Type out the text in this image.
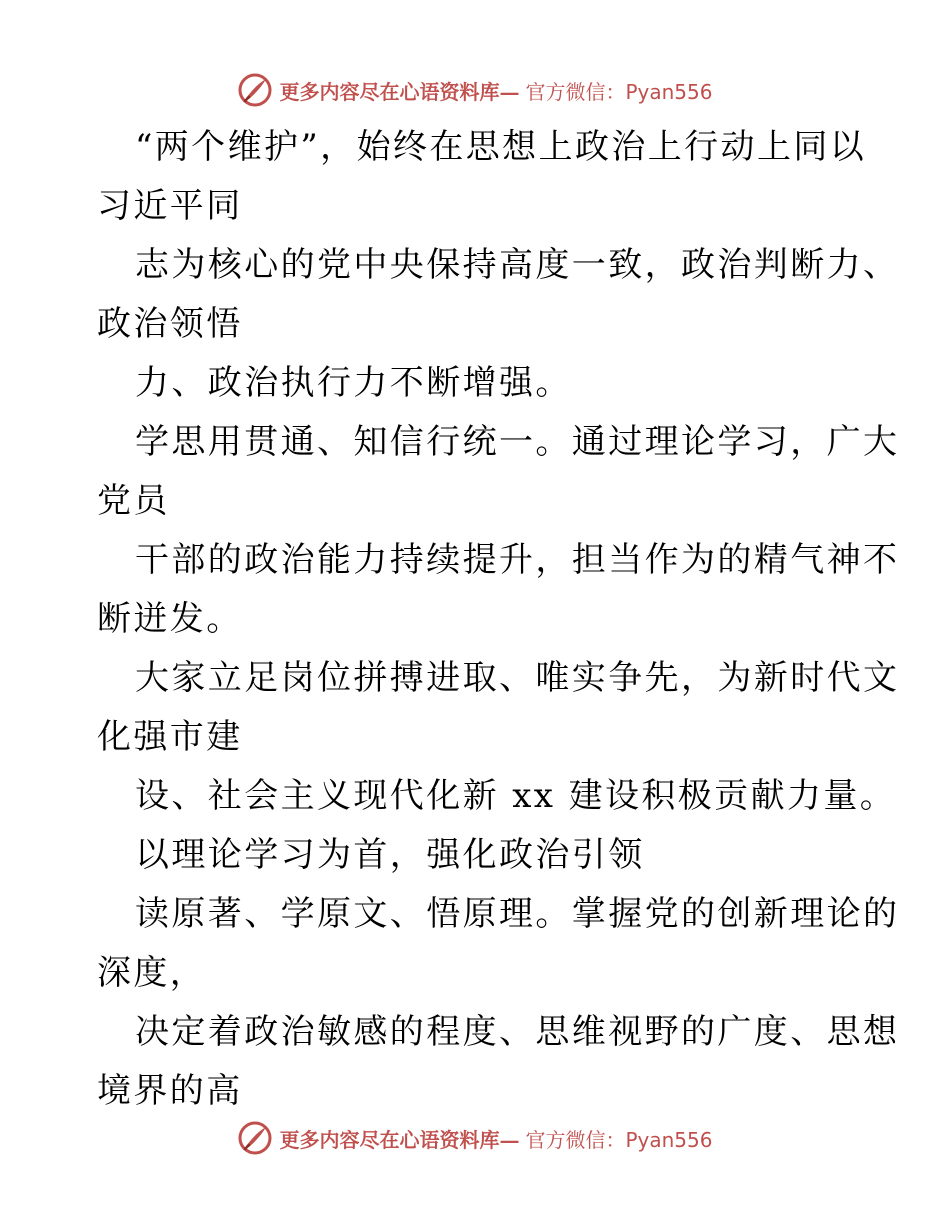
更多内容尽在心语资料库— 官方微信：Pyan556
“两个维护”，始终在思想上政治上行动上同以
习近平同
志为核心的党中央保持高度一致，政治判断力、
政治领悟
力、政治执行力不断增强。
学思用贯通、知信行统一。通过理论学习，广大
党员
干部的政治能力持续提升，担当作为的精气神不
断迸发。
大家立足岗位拼搏进取、唯实争先，为新时代文
化强市建
设、社会主义现代化新 xx 建设积极贡献力量。
以理论学习为首，强化政治引领
读原著、学原文、悟原理。掌握党的创新理论的
深度，
决定着政治敏感的程度、思维视野的广度、思想
境界的高
更多内容尽在心语资料库— 官方微信：Pyan556
